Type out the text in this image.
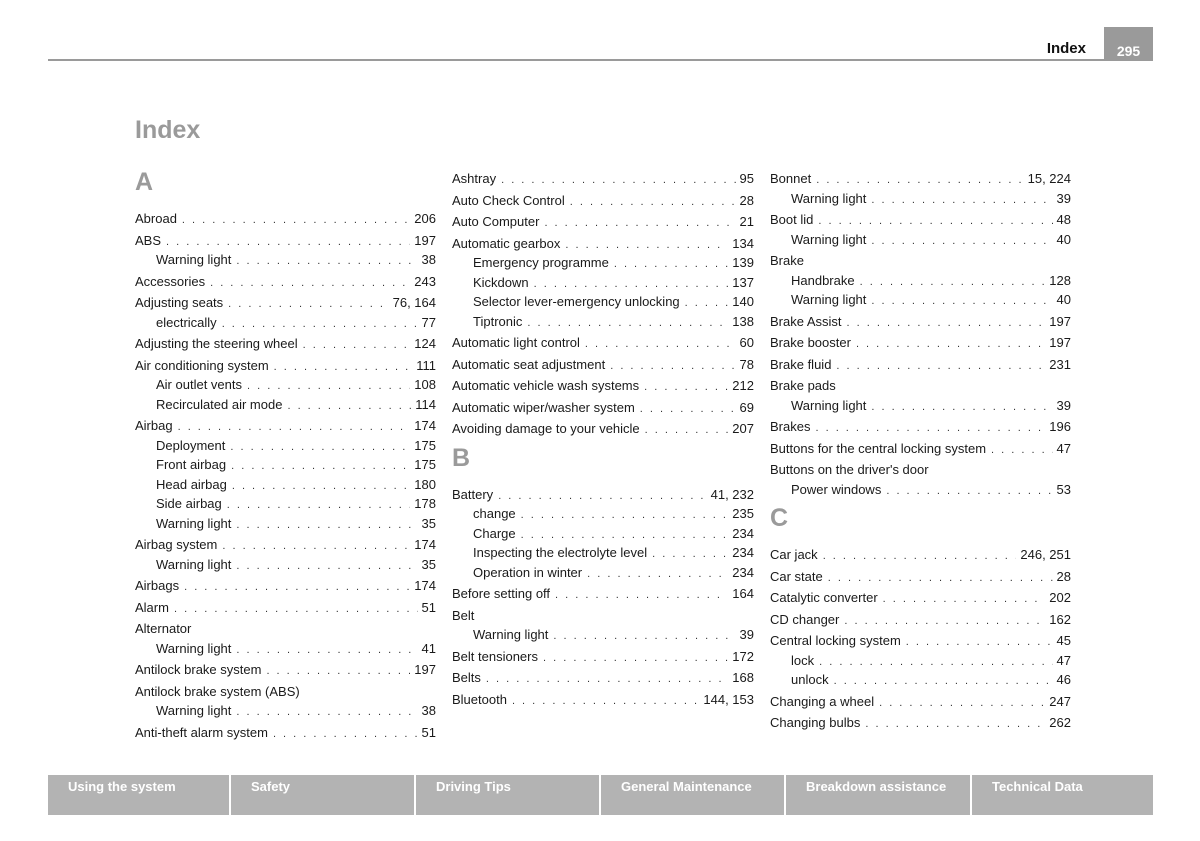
Index 295
Index
A
Abroad . . .	206
ABS . . .	197
Warning light . . .	38
Accessories . . .	243
Adjusting seats . . .	76, 164
electrically . . .	77
Adjusting the steering wheel . . .	124
Air conditioning system . . .	111
Air outlet vents . . .	108
Recirculated air mode . . .	114
Airbag . . .	174
Deployment . . .	175
Front airbag . . .	175
Head airbag . . .	180
Side airbag . . .	178
Warning light . . .	35
Airbag system . . .	174
Warning light . . .	35
Airbags . . .	174
Alarm . . .	51
Alternator
Warning light . . .	41
Antilock brake system . . .	197
Antilock brake system (ABS)
Warning light . . .	38
Anti-theft alarm system . . .	51
Ashtray . . .	95
Auto Check Control . . .	28
Auto Computer . . .	21
Automatic gearbox . . .	134
Emergency programme . . .	139
Kickdown . . .	137
Selector lever-emergency unlocking . . .	140
Tiptronic . . .	138
Automatic light control . . .	60
Automatic seat adjustment . . .	78
Automatic vehicle wash systems . . .	212
Automatic wiper/washer system . . .	69
Avoiding damage to your vehicle . . .	207
B
Battery . . .	41, 232
change . . .	235
Charge . . .	234
Inspecting the electrolyte level . . .	234
Operation in winter . . .	234
Before setting off . . .	164
Belt
Warning light . . .	39
Belt tensioners . . .	172
Belts . . .	168
Bluetooth . . .	144, 153
Bonnet . . .	15, 224
Warning light . . .	39
Boot lid . . .	48
Warning light . . .	40
Brake
Handbrake . . .	128
Warning light . . .	40
Brake Assist . . .	197
Brake booster . . .	197
Brake fluid . . .	231
Brake pads
Warning light . . .	39
Brakes . . .	196
Buttons for the central locking system . . .	47
Buttons on the driver's door
Power windows . . .	53
C
Car jack . . .	246, 251
Car state . . .	28
Catalytic converter . . .	202
CD changer . . .	162
Central locking system . . .	45
lock . . .	47
unlock . . .	46
Changing a wheel . . .	247
Changing bulbs . . .	262
Using the system	Safety	Driving Tips	General Maintenance	Breakdown assistance	Technical Data
